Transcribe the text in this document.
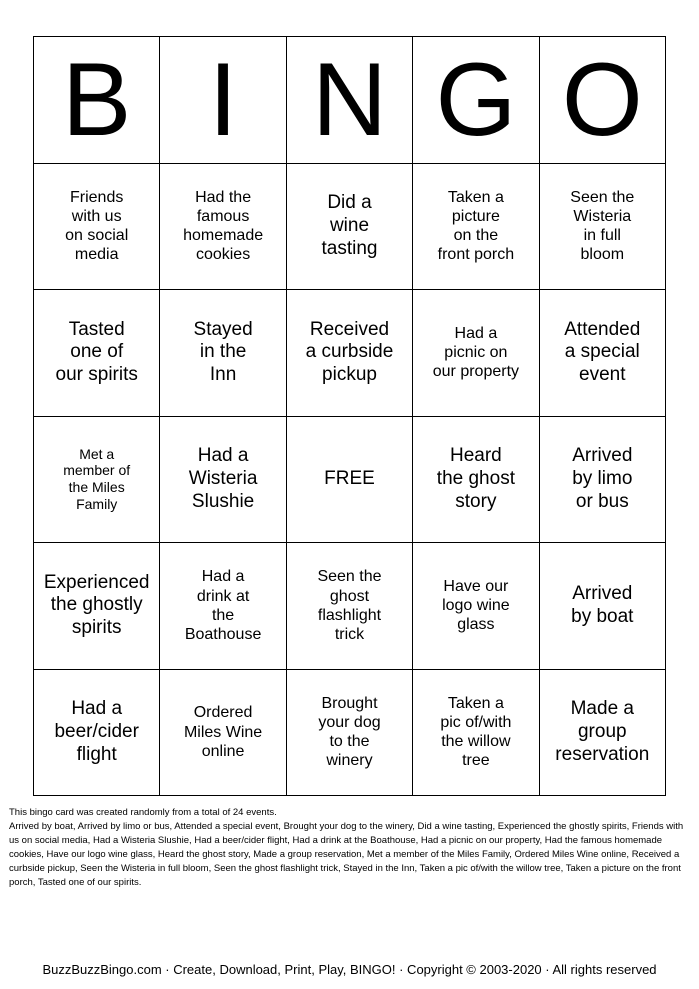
B I N G O
Friends
with us
on social
media
Had the
famous
homemade
cookies
Did a
wine
tasting
Taken a
picture
on the
front porch
Seen the
Wisteria
in full
bloom
Tasted
one of
our spirits
Stayed
in the
Inn
Received
a curbside
pickup
Had a
picnic on
our property
Attended
a special
event
Met a
member of
the Miles
Family
Had a
Wisteria
Slushie
FREE
Heard
the ghost
story
Arrived
by limo
or bus
Experienced
the ghostly
spirits
Had a
drink at
the
Boathouse
Seen the
ghost
flashlight
trick
Have our
logo wine
glass
Arrived
by boat
Had a
beer/cider
flight
Ordered
Miles Wine
online
Brought
your dog
to the
winery
Taken a
pic of/with
the willow
tree
Made a
group
reservation

This bingo card was created randomly from a total of 24 events.

Arrived by boat, Arrived by limo or bus, Attended a special event, Brought your dog to the winery, Did a wine tasting, Experienced the ghostly spirits, Friends with us on social media, Had a Wisteria Slushie, Had a beer/cider flight, Had a drink at the Boathouse, Had a picnic on our property, Had the famous homemade cookies, Have our logo wine glass, Heard the ghost story, Made a group reservation, Met a member of the Miles Family, Ordered Miles Wine online, Received a curbside pickup, Seen the Wisteria in full bloom, Seen the ghost flashlight trick, Stayed in the Inn, Taken a pic of/with the willow tree, Taken a picture on the front porch, Tasted one of our spirits.

BuzzBuzzBingo.com · Create, Download, Print, Play, BINGO! · Copyright © 2003-2020 · All rights reserved
